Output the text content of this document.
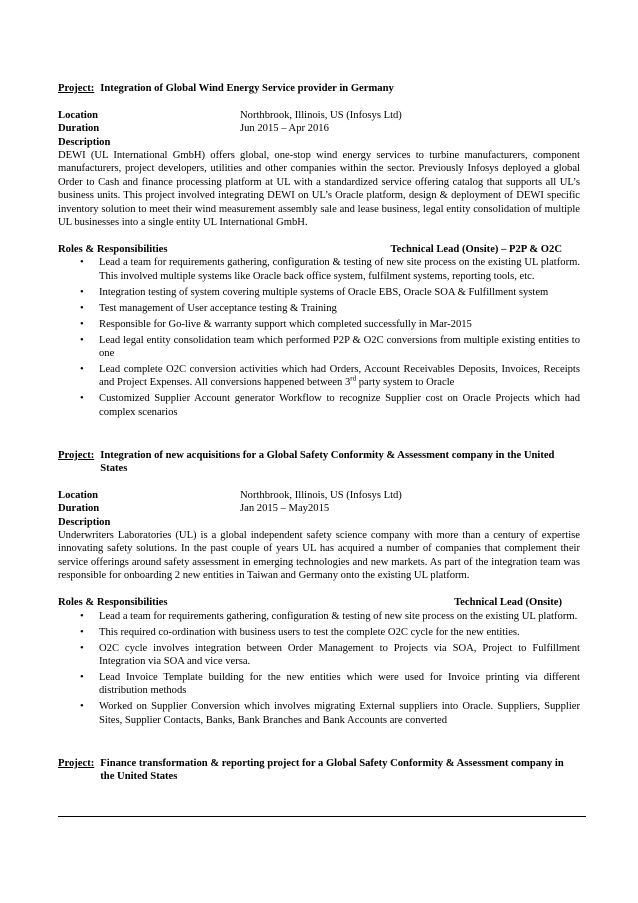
Project: Integration of Global Wind Energy Service provider in Germany
Location	Northbrook, Illinois, US (Infosys Ltd)
Duration	Jun 2015 – Apr 2016
Description
DEWI (UL International GmbH) offers global, one-stop wind energy services to turbine manufacturers, component manufacturers, project developers, utilities and other companies within the sector. Previously Infosys deployed a global Order to Cash and finance processing platform at UL with a standardized service offering catalog that supports all UL’s business units. This project involved integrating DEWI on UL’s Oracle platform, design & deployment of DEWI specific inventory solution to meet their wind measurement assembly sale and lease business, legal entity consolidation of multiple UL businesses into a single entity UL International GmbH.
Roles & Responsibilities	Technical Lead (Onsite) – P2P & O2C
• Lead a team for requirements gathering, configuration & testing of new site process on the existing UL platform. This involved multiple systems like Oracle back office system, fulfilment systems, reporting tools, etc.
• Integration testing of system covering multiple systems of Oracle EBS, Oracle SOA & Fulfillment system
• Test management of User acceptance testing & Training
• Responsible for Go-live & warranty support which completed successfully in Mar-2015
• Lead legal entity consolidation team which performed P2P & O2C conversions from multiple existing entities to one
• Lead complete O2C conversion activities which had Orders, Account Receivables Deposits, Invoices, Receipts and Project Expenses. All conversions happened between 3rd party system to Oracle
• Customized Supplier Account generator Workflow to recognize Supplier cost on Oracle Projects which had complex scenarios
Project: Integration of new acquisitions for a Global Safety Conformity & Assessment company in the United States
Location	Northbrook, Illinois, US (Infosys Ltd)
Duration	Jan 2015 – May2015
Description
Underwriters Laboratories (UL) is a global independent safety science company with more than a century of expertise innovating safety solutions. In the past couple of years UL has acquired a number of companies that complement their service offerings around safety assessment in emerging technologies and new markets. As part of the integration team was responsible for onboarding 2 new entities in Taiwan and Germany onto the existing UL platform.
Roles & Responsibilities	Technical Lead (Onsite)
• Lead a team for requirements gathering, configuration & testing of new site process on the existing UL platform.
• This required co-ordination with business users to test the complete O2C cycle for the new entities.
• O2C cycle involves integration between Order Management to Projects via SOA, Project to Fulfillment Integration via SOA and vice versa.
• Lead Invoice Template building for the new entities which were used for Invoice printing via different distribution methods
• Worked on Supplier Conversion which involves migrating External suppliers into Oracle. Suppliers, Supplier Sites, Supplier Contacts, Banks, Bank Branches and Bank Accounts are converted
Project: Finance transformation & reporting project for a Global Safety Conformity & Assessment company in the United States
